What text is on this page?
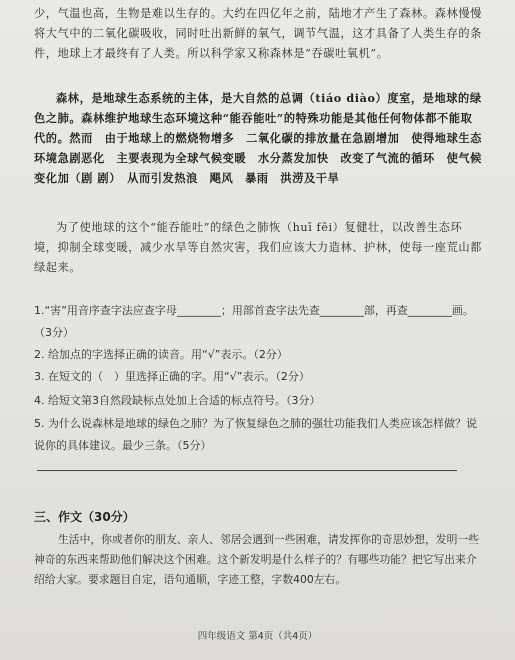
少，气温也高，生物是难以生存的。大约在四亿年之前，陆地才产生了森林。森林慢慢将大气中的二氧化碳吸收，同时吐出新鲜的氧气，调节气温，这才具备了人类生存的条件，地球上才最终有了人类。所以科学家又称森林是“吞碳吐氧机”。

森林，是地球生态系统的主体，是大自然的总调（tiáo diào）度室，是地球的绿色之肺。森林维护地球生态环境这种“能吞能吐”的特殊功能是其他任何物体都不能取代的。然而　由于地球上的燃烧物增多　二氧化碳的排放量在急剧增加　使得地球生态环境急剧恶化　主要表现为全球气候变暖　水分蒸发加快　改变了气流的循环　使气候变化加（剧 剧）　从而引发热浪　飓风　暴雨　洪涝及干旱

为了使地球的这个“能吞能吐”的绿色之肺恢（huī fēi）复健壮，以改善生态环境，抑制全球变暖，减少水旱等自然灾害，我们应该大力造林、护林，使每一座荒山都绿起来。

1.“害”用音序查字法应查字母________；用部首查字法先查________部，再查________画。（3分）

2. 给加点的字选择正确的读音。用“√”表示。（2分）

3. 在短文的（　）里选择正确的字。用“√”表示。（2分）

4. 给短文第3自然段缺标点处加上合适的标点符号。（3分）

5. 为什么说森林是地球的绿色之肺？为了恢复绿色之肺的强壮功能我们人类应该怎样做？说说你的具体建议。最少三条。（5分）

三、作文（30分）

生活中，你或者你的朋友、亲人、邻居会遇到一些困难，请发挥你的奇思妙想，发明一些神奇的东西来帮助他们解决这个困难。这个新发明是什么样子的？有哪些功能？把它写出来介绍给大家。要求题目自定，语句通顺，字迹工整，字数400左右。

四年级语文 第4页（共4页）
